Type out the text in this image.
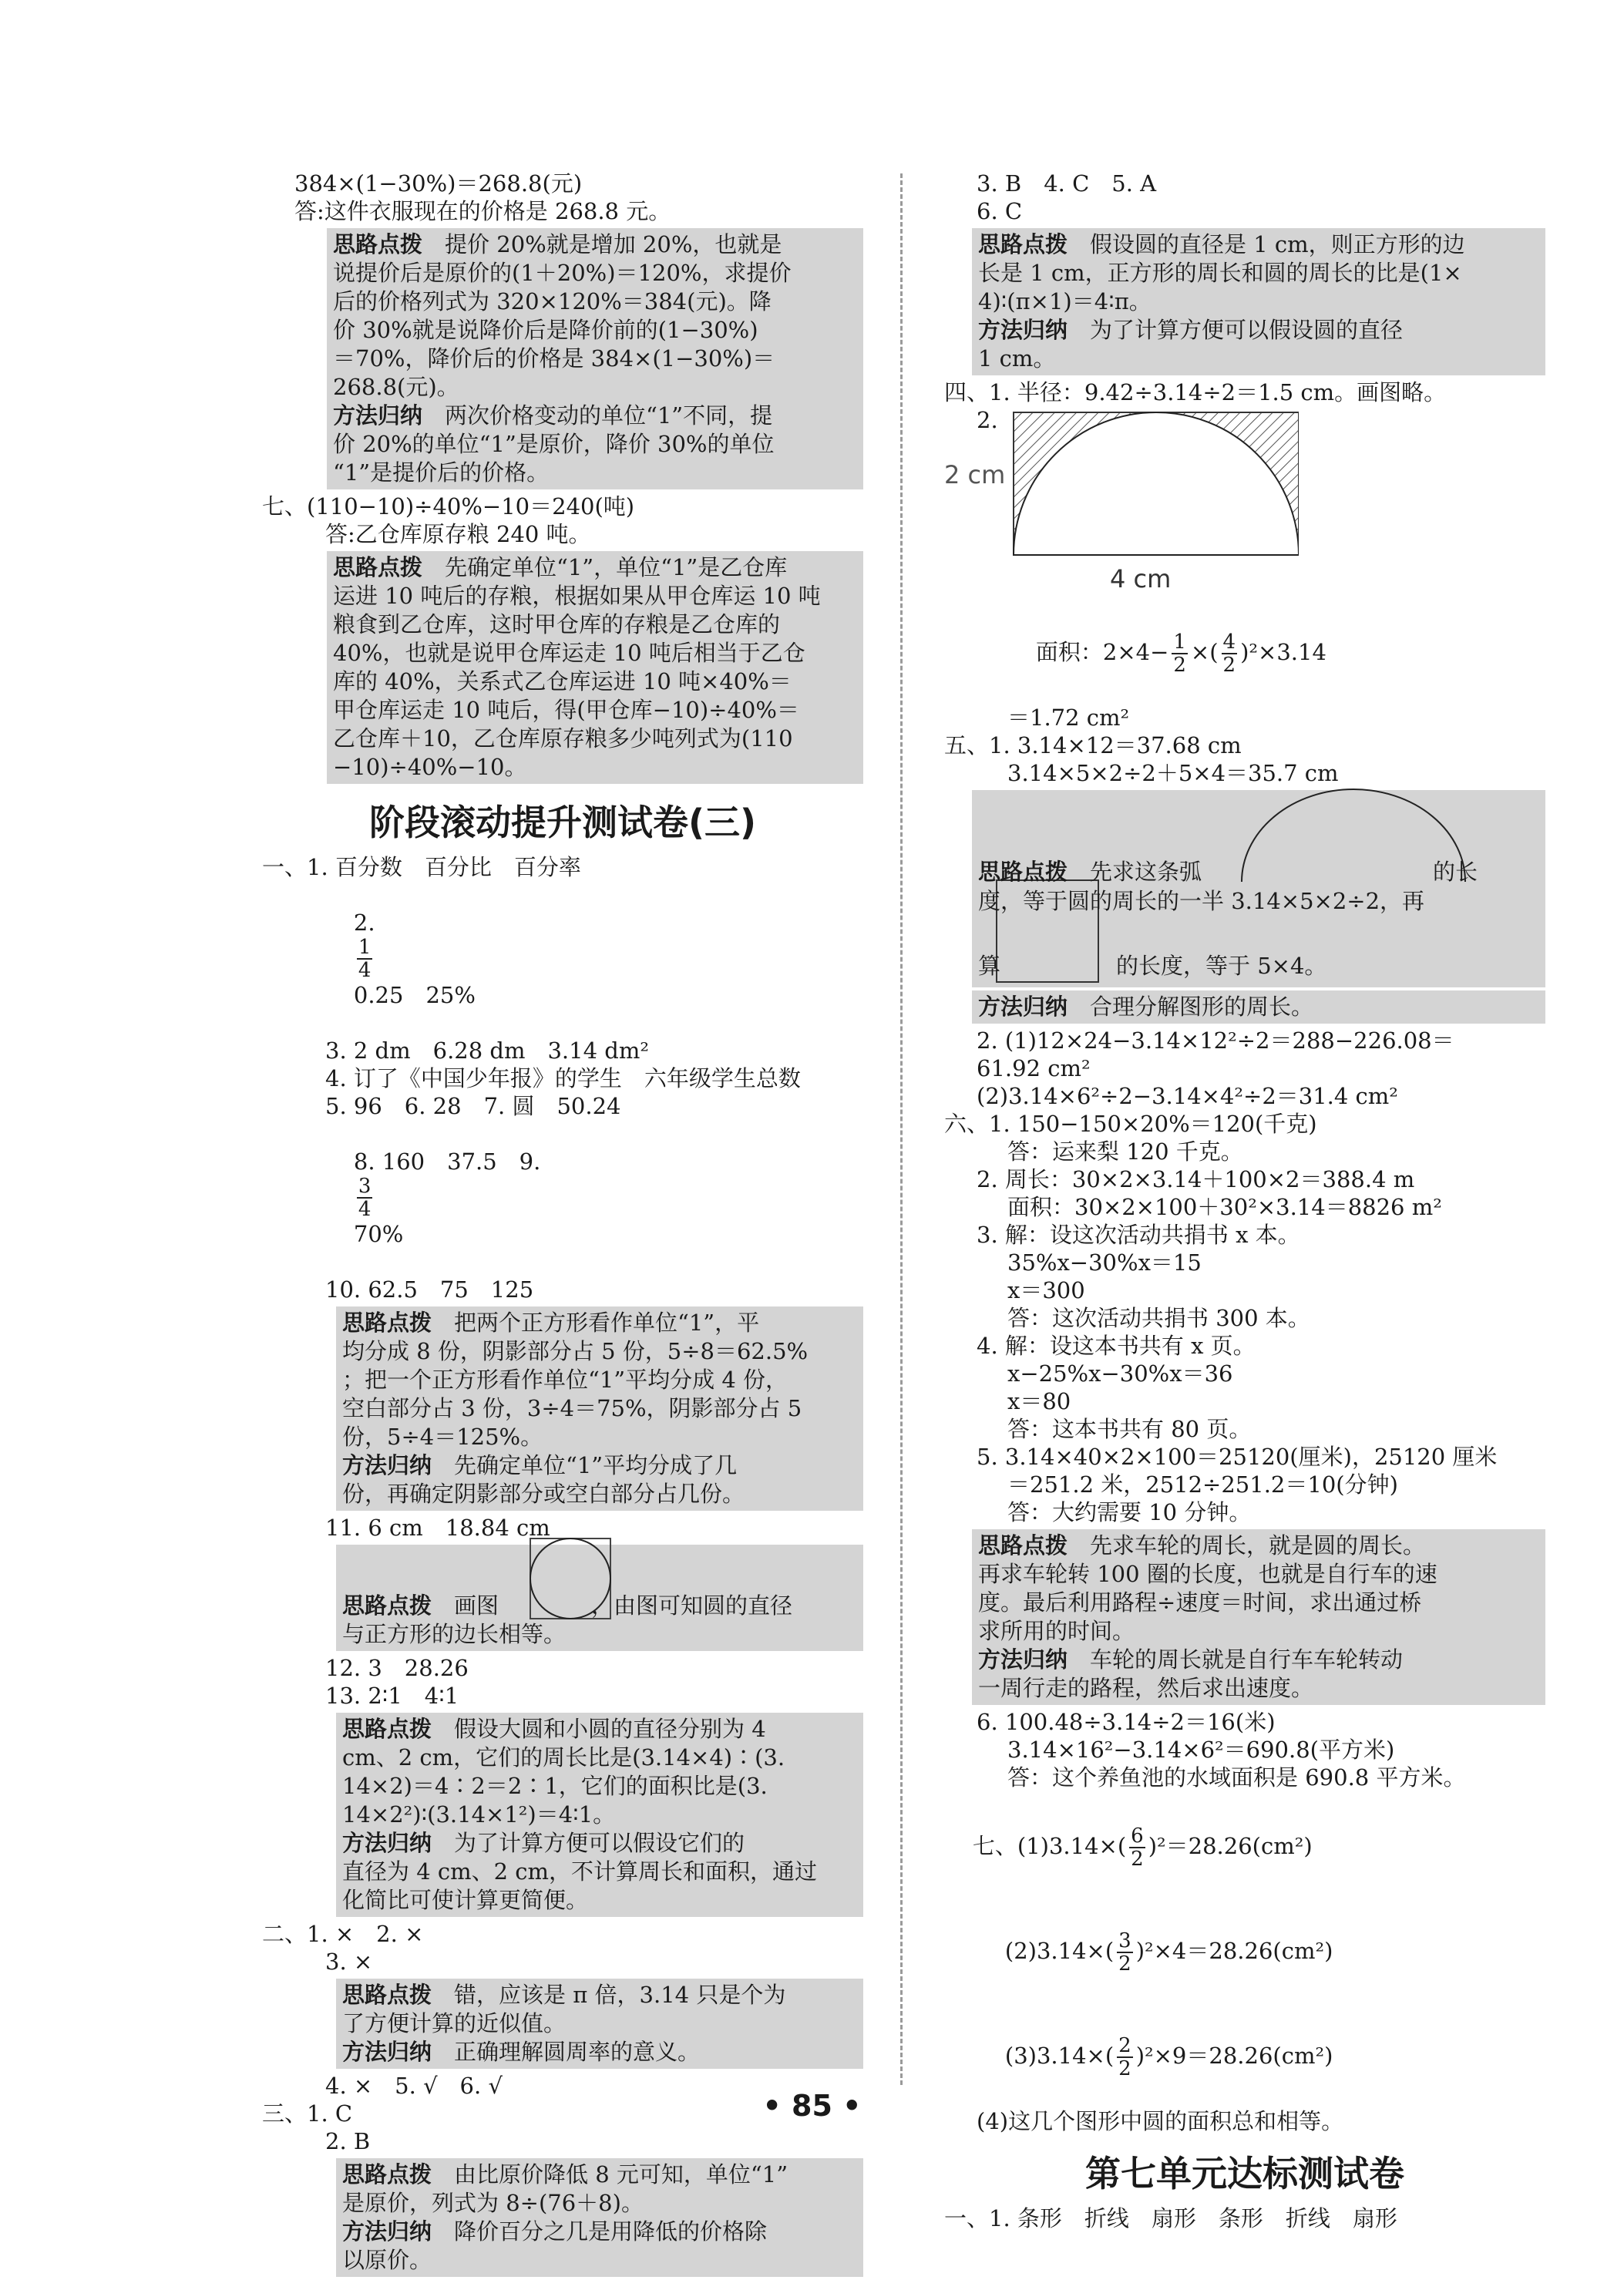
384×(1−30%)＝268.8(元)

答:这件衣服现在的价格是 268.8 元。

思路点拨　 提价 20%就是增加 20%，也就是

说提价后是原价的(1＋20%)＝120%，求提价

后的价格列式为 320×120%＝384(元)。降

价 30%就是说降价后是降价前的(1−30%)

＝70%，降价后的价格是 384×(1−30%)＝

268.8(元)。

方法归纳　 两次价格变动的单位“1”不同，提

价 20%的单位“1”是原价，降价 30%的单位

“1”是提价后的价格。

七、(110−10)÷40%−10＝240(吨)

答:乙仓库原存粮 240 吨。

思路点拨　 先确定单位“1”，单位“1”是乙仓库

运进 10 吨后的存粮，根据如果从甲仓库运 10 吨

粮食到乙仓库，这时甲仓库的存粮是乙仓库的

40%，也就是说甲仓库运走 10 吨后相当于乙仓

库的 40%，关系式乙仓库运进 10 吨×40%＝

甲仓库运走 10 吨后，得(甲仓库−10)÷40%＝

乙仓库＋10，乙仓库原存粮多少吨列式为(110

−10)÷40%−10。

阶段滚动提升测试卷(三)

一、1. 百分数　百分比　百分率

2.

$\frac{1}{4}$

0.25　25%

3. 2 dm　6.28 dm　3.14 dm²

4. 订了《中国少年报》的学生　六年级学生总数

5. 96　6. 28　7. 圆　50.24

8. 160　37.5　9.

$\frac{3}{4}$

70%

10. 62.5　75　125

思路点拨　 把两个正方形看作单位“1”，平

均分成 8 份，阴影部分占 5 份，5÷8＝62.5%

；把一个正方形看作单位“1”平均分成 4 份，

空白部分占 3 份，3÷4＝75%，阴影部分占 5

份，5÷4＝125%。

方法归纳　 先确定单位“1”平均分成了几

份，再确定阴影部分或空白部分占几份。

11. 6 cm　18.84 cm

思路点拨　 画图	，由图可知圆的直径

与正方形的边长相等。

12. 3　28.26

13. 2∶1　4∶1

思路点拨　 假设大圆和小圆的直径分别为 4

cm、2 cm，它们的周长比是(3.14×4)∶(3.

14×2)＝4∶2＝2∶1，它们的面积比是(3.

14×2²)∶(3.14×1²)＝4∶1。

方法归纳　 为了计算方便可以假设它们的

直径为 4 cm、2 cm，不计算周长和面积，通过

化简比可使计算更简便。

二、1. ×　2. ×

3. ×

思路点拨　 错，应该是 π 倍，3.14 只是个为

了方便计算的近似值。

方法归纳　 正确理解圆周率的意义。

4. ×　5. √　6. √

三、1. C

2. B

思路点拨　 由比原价降低 8 元可知，单位“1”

是原价，列式为 8÷(76＋8)。

方法归纳　 降价百分之几是用降低的价格除

以原价。

3. B　4. C　5. A

6. C

思路点拨　 假设圆的直径是 1 cm，则正方形的边

长是 1 cm，正方形的周长和圆的周长的比是(1×

4)∶(π×1)＝4∶π。

方法归纳　 为了计算方便可以假设圆的直径

1 cm。

四、1. 半径：9.42÷3.14÷2＝1.5 cm。画图略。

2.

2 cm
4 cm

面积：$2\times 4- \frac{1}{2}$ ×( $\frac{4}{2} )^2\times 3.14$

＝1.72 cm²

五、1. 3.14×12＝37.68 cm

3.14×5×2÷2＋5×4＝35.7 cm

思路点拨　 先求这条弧	的长

度，等于圆的周长的一半 3.14×5×2÷2，再

算	的长度，等于 5×4。

方法归纳　 合理分解图形的周长。

2. (1)12×24−3.14×12²÷2＝288−226.08＝

61.92 cm²

(2)3.14×6²÷2−3.14×4²÷2＝31.4 cm²

六、1. 150−150×20%＝120(千克)

答：运来梨 120 千克。

2. 周长：30×2×3.14＋100×2＝388.4 m

面积：30×2×100＋30²×3.14＝8826 m²

3. 解：设这次活动共捐书 x 本。

35%x−30%x＝15

x＝300

答：这次活动共捐书 300 本。

4. 解：设这本书共有 x 页。

x−25%x−30%x＝36

x＝80

答：这本书共有 80 页。

5. 3.14×40×2×100＝25120(厘米)，25120 厘米

＝251.2 米，2512÷251.2＝10(分钟)

答：大约需要 10 分钟。

思路点拨　 先求车轮的周长，就是圆的周长。

再求车轮转 100 圈的长度，也就是自行车的速

度。最后利用路程÷速度＝时间，求出通过桥

求所用的时间。

方法归纳　 车轮的周长就是自行车车轮转动

一周行走的路程，然后求出速度。

6. 100.48÷3.14÷2＝16(米)

3.14×16²−3.14×6²＝690.8(平方米)

答：这个养鱼池的水域面积是 690.8 平方米。

七、$(1)3.14\times( \frac{6}{2} )^2=28.26(cm^2)$

$(2)3.14\times( \frac{3}{2} )^2\times 4=28.26(cm^2)$

$(3)3.14\times( \frac{2}{2} )^2\times 9=28.26(cm^2)$

(4)这几个图形中圆的面积总和相等。

第七单元达标测试卷

一、1. 条形　折线　扇形　条形　折线　扇形

• 85 •
